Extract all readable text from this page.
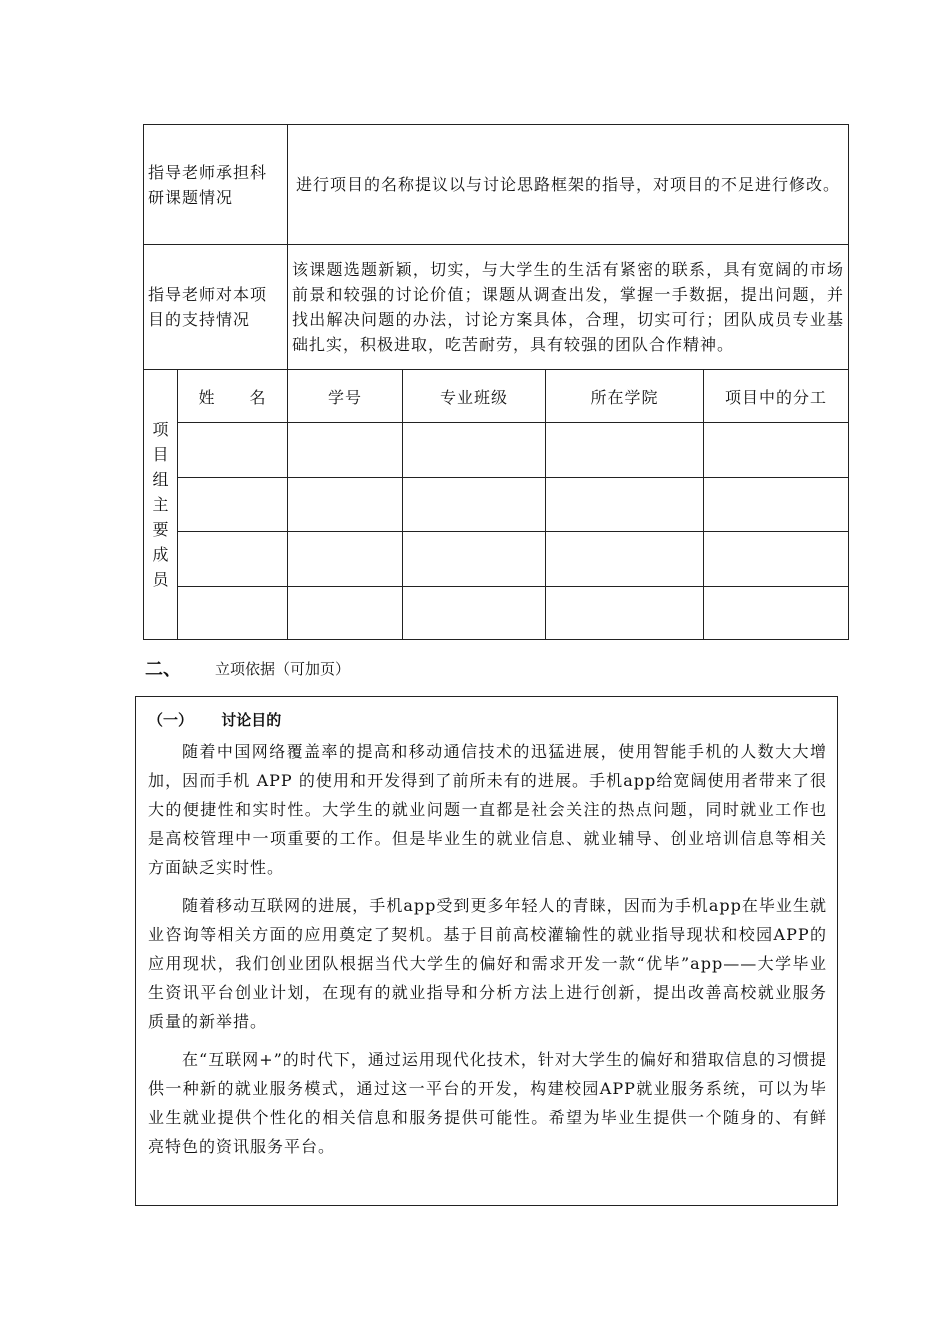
指导老师承担科研课题情况		进行项目的名称提议以与讨论思路框架的指导，对项目的不足进行修改。			
指导老师对本项目的支持情况		该课题选题新颖，切实，与大学生的生活有紧密的联系，具有宽阔的市场前景和较强的讨论价值；课题从调查出发，掌握一手数据，提出问题，并找出解决问题的办法，讨论方案具体，合理，切实可行；团队成员专业基础扎实，积极进取，吃苦耐劳，具有较强的团队合作精神。			

项目组主要成员	姓　　名	学号	专业班级	所在学院	项目中的分工

二、 立项依据（可加页）
（一） 讨论目的

随着中国网络覆盖率的提高和移动通信技术的迅猛进展，使用智能手机的人数大大增加，因而手机 APP 的使用和开发得到了前所未有的进展。手机app给宽阔使用者带来了很大的便捷性和实时性。大学生的就业问题一直都是社会关注的热点问题，同时就业工作也是高校管理中一项重要的工作。但是毕业生的就业信息、就业辅导、创业培训信息等相关方面缺乏实时性。

随着移动互联网的进展，手机app受到更多年轻人的青睐，因而为手机app在毕业生就业咨询等相关方面的应用奠定了契机。基于目前高校灌输性的就业指导现状和校园APP的应用现状，我们创业团队根据当代大学生的偏好和需求开发一款“优毕”app——大学毕业生资讯平台创业计划，在现有的就业指导和分析方法上进行创新，提出改善高校就业服务质量的新举措。

在“互联网+”的时代下，通过运用现代化技术，针对大学生的偏好和猎取信息的习惯提供一种新的就业服务模式，通过这一平台的开发，构建校园APP就业服务系统，可以为毕业生就业提供个性化的相关信息和服务提供可能性。希望为毕业生提供一个随身的、有鲜亮特色的资讯服务平台。
